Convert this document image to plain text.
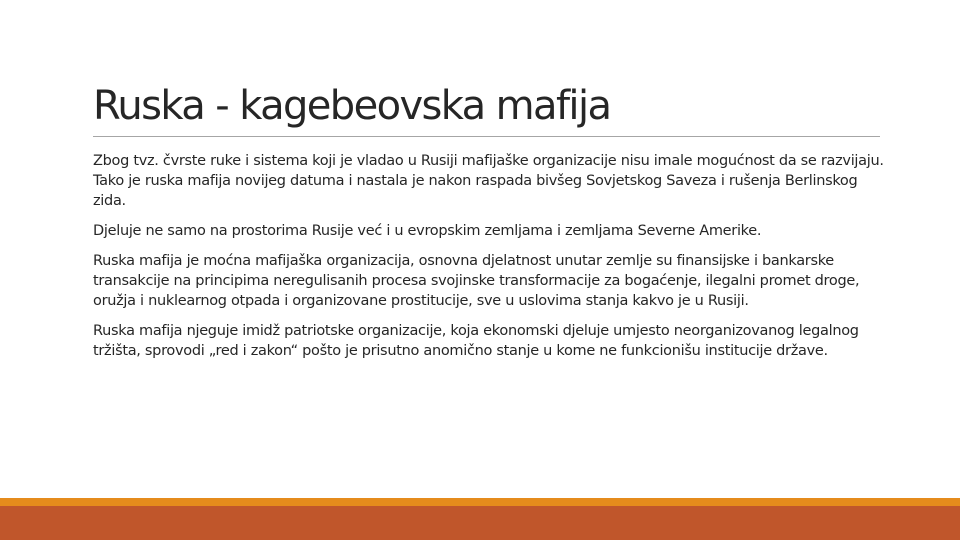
Ruska - kagebeovska mafija

Zbog tvz. čvrste ruke i sistema koji je vladao u Rusiji mafijaške organizacije nisu imale mogućnost da se razvijaju. Tako je ruska mafija novijeg datuma i nastala je nakon raspada bivšeg Sovjetskog Saveza i rušenja Berlinskog zida.

Djeluje ne samo na prostorima Rusije već i u evropskim zemljama i zemljama Severne Amerike.

Ruska mafija je moćna mafijaška organizacija, osnovna djelatnost unutar zemlje su finansijske i bankarske transakcije na principima neregulisanih procesa svojinske transformacije za bogaćenje, ilegalni promet droge, oružja i nuklearnog otpada i organizovane prostitucije, sve u uslovima stanja kakvo je u Rusiji.

Ruska mafija njeguje imidž patriotske organizacije, koja ekonomski djeluje umjesto neorganizovanog legalnog tržišta, sprovodi „red i zakon“ pošto je prisutno anomično stanje u kome ne funkcionišu institucije države.
